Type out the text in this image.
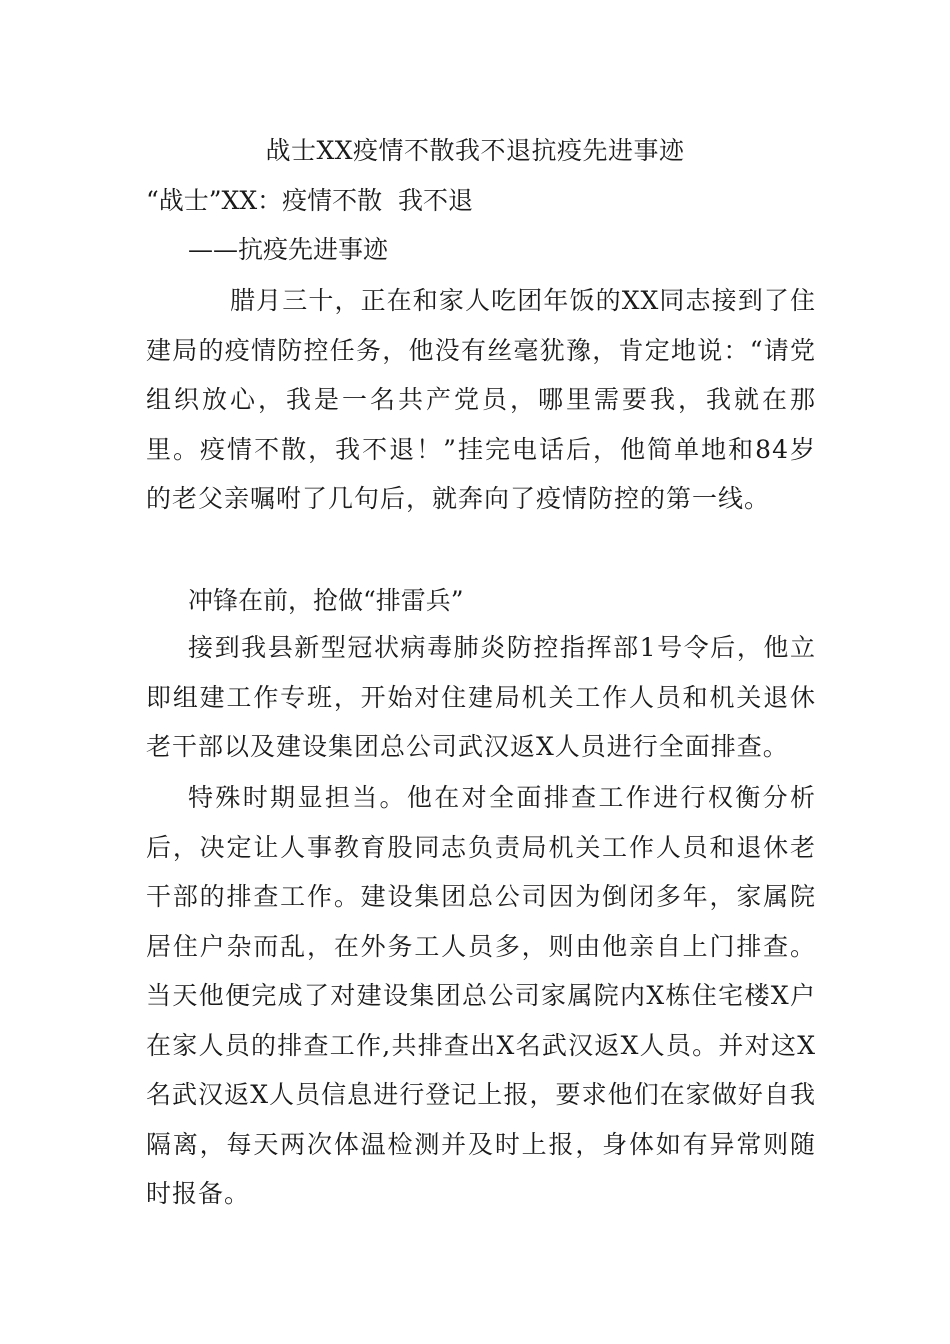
战士XX疫情不散我不退抗疫先进事迹
“战士”XX：疫情不散  我不退
——抗疫先进事迹

腊月三十，正在和家人吃团年饭的XX同志接到了住建局的疫情防控任务，他没有丝毫犹豫，肯定地说：“请党组织放心，我是一名共产党员，哪里需要我，我就在那里。疫情不散，我不退！”挂完电话后，他简单地和84岁的老父亲嘱咐了几句后，就奔向了疫情防控的第一线。

冲锋在前，抢做“排雷兵”

接到我县新型冠状病毒肺炎防控指挥部1号令后，他立即组建工作专班，开始对住建局机关工作人员和机关退休老干部以及建设集团总公司武汉返X人员进行全面排查。

特殊时期显担当。他在对全面排查工作进行权衡分析后，决定让人事教育股同志负责局机关工作人员和退休老干部的排查工作。建设集团总公司因为倒闭多年，家属院居住户杂而乱，在外务工人员多，则由他亲自上门排查。当天他便完成了对建设集团总公司家属院内X栋住宅楼X户在家人员的排查工作,共排查出X名武汉返X人员。并对这X名武汉返X人员信息进行登记上报，要求他们在家做好自我隔离，每天两次体温检测并及时上报，身体如有异常则随时报备。
